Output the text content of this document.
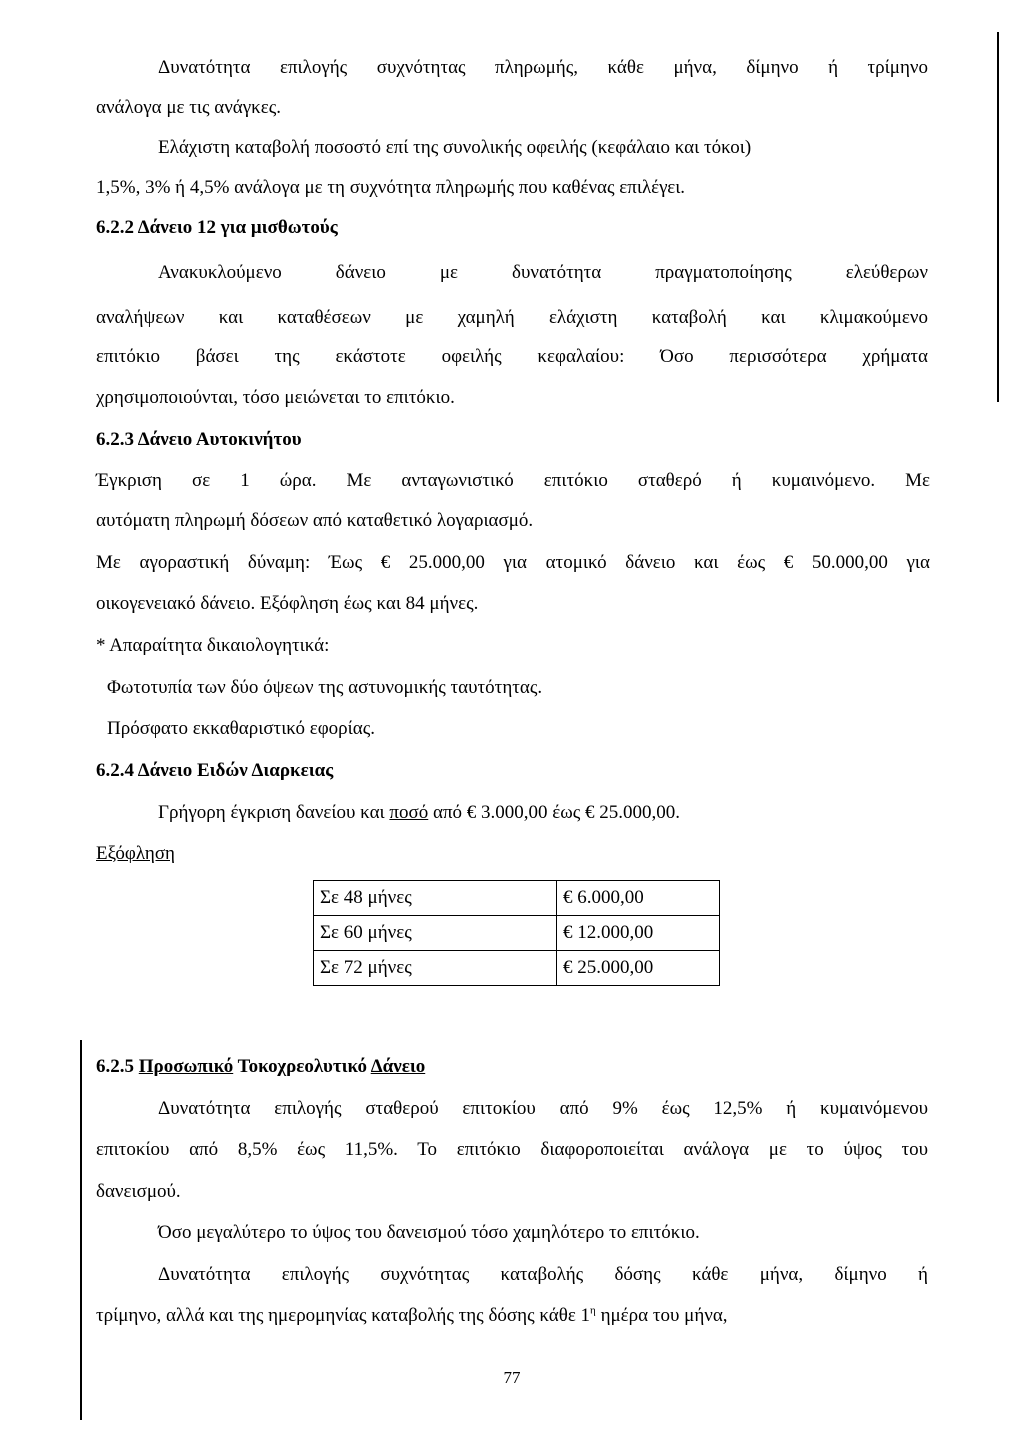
Δυνατότητα επιλογής συχνότητας πληρωμής, κάθε μήνα, δίμηνο ή τρίμηνο
ανάλογα με τις ανάγκες.
Ελάχιστη καταβολή ποσοστό επί της συνολικής οφειλής (κεφάλαιο και τόκοι)
1,5%, 3% ή 4,5% ανάλογα με τη συχνότητα πληρωμής που καθένας επιλέγει.
6.2.2 Δάνειο 12 για μισθωτούς
Ανακυκλούμενο δάνειο με δυνατότητα πραγματοποίησης ελεύθερων
αναλήψεων και καταθέσεων με χαμηλή ελάχιστη καταβολή και κλιμακούμενο
επιτόκιο βάσει της εκάστοτε οφειλής κεφαλαίου: Όσο περισσότερα χρήματα
χρησιμοποιούνται, τόσο μειώνεται το επιτόκιο.
6.2.3 Δάνειο Αυτοκινήτου
Έγκριση σε 1 ώρα. Με ανταγωνιστικό επιτόκιο σταθερό ή κυμαινόμενο. Με
αυτόματη πληρωμή δόσεων από καταθετικό λογαριασμό.
Με αγοραστική δύναμη: Έως € 25.000,00 για ατομικό δάνειο και έως € 50.000,00 για
οικογενειακό δάνειο. Εξόφληση έως και 84 μήνες.
* Απαραίτητα δικαιολογητικά:
Φωτοτυπία των δύο όψεων της αστυνομικής ταυτότητας.
Πρόσφατο εκκαθαριστικό εφορίας.
6.2.4 Δάνειο Ειδών Διαρκειας
Γρήγορη έγκριση δανείου και ποσό από € 3.000,00 έως € 25.000,00.
Εξόφληση
Σε 48 μήνες	€ 6.000,00
Σε 60 μήνες	€ 12.000,00
Σε 72 μήνες	€ 25.000,00
6.2.5 Προσωπικό Τοκοχρεολυτικό Δάνειο
Δυνατότητα επιλογής σταθερού επιτοκίου από 9% έως 12,5% ή κυμαινόμενου
επιτοκίου από 8,5% έως 11,5%. Το επιτόκιο διαφοροποιείται ανάλογα με το ύψος του
δανεισμού.
Όσο μεγαλύτερο το ύψος του δανεισμού τόσο χαμηλότερο το επιτόκιο.
Δυνατότητα επιλογής συχνότητας καταβολής δόσης κάθε μήνα, δίμηνο ή
τρίμηνο, αλλά και της ημερομηνίας καταβολής της δόσης κάθε $1^\eta$ ημέρα του μήνα,
77
